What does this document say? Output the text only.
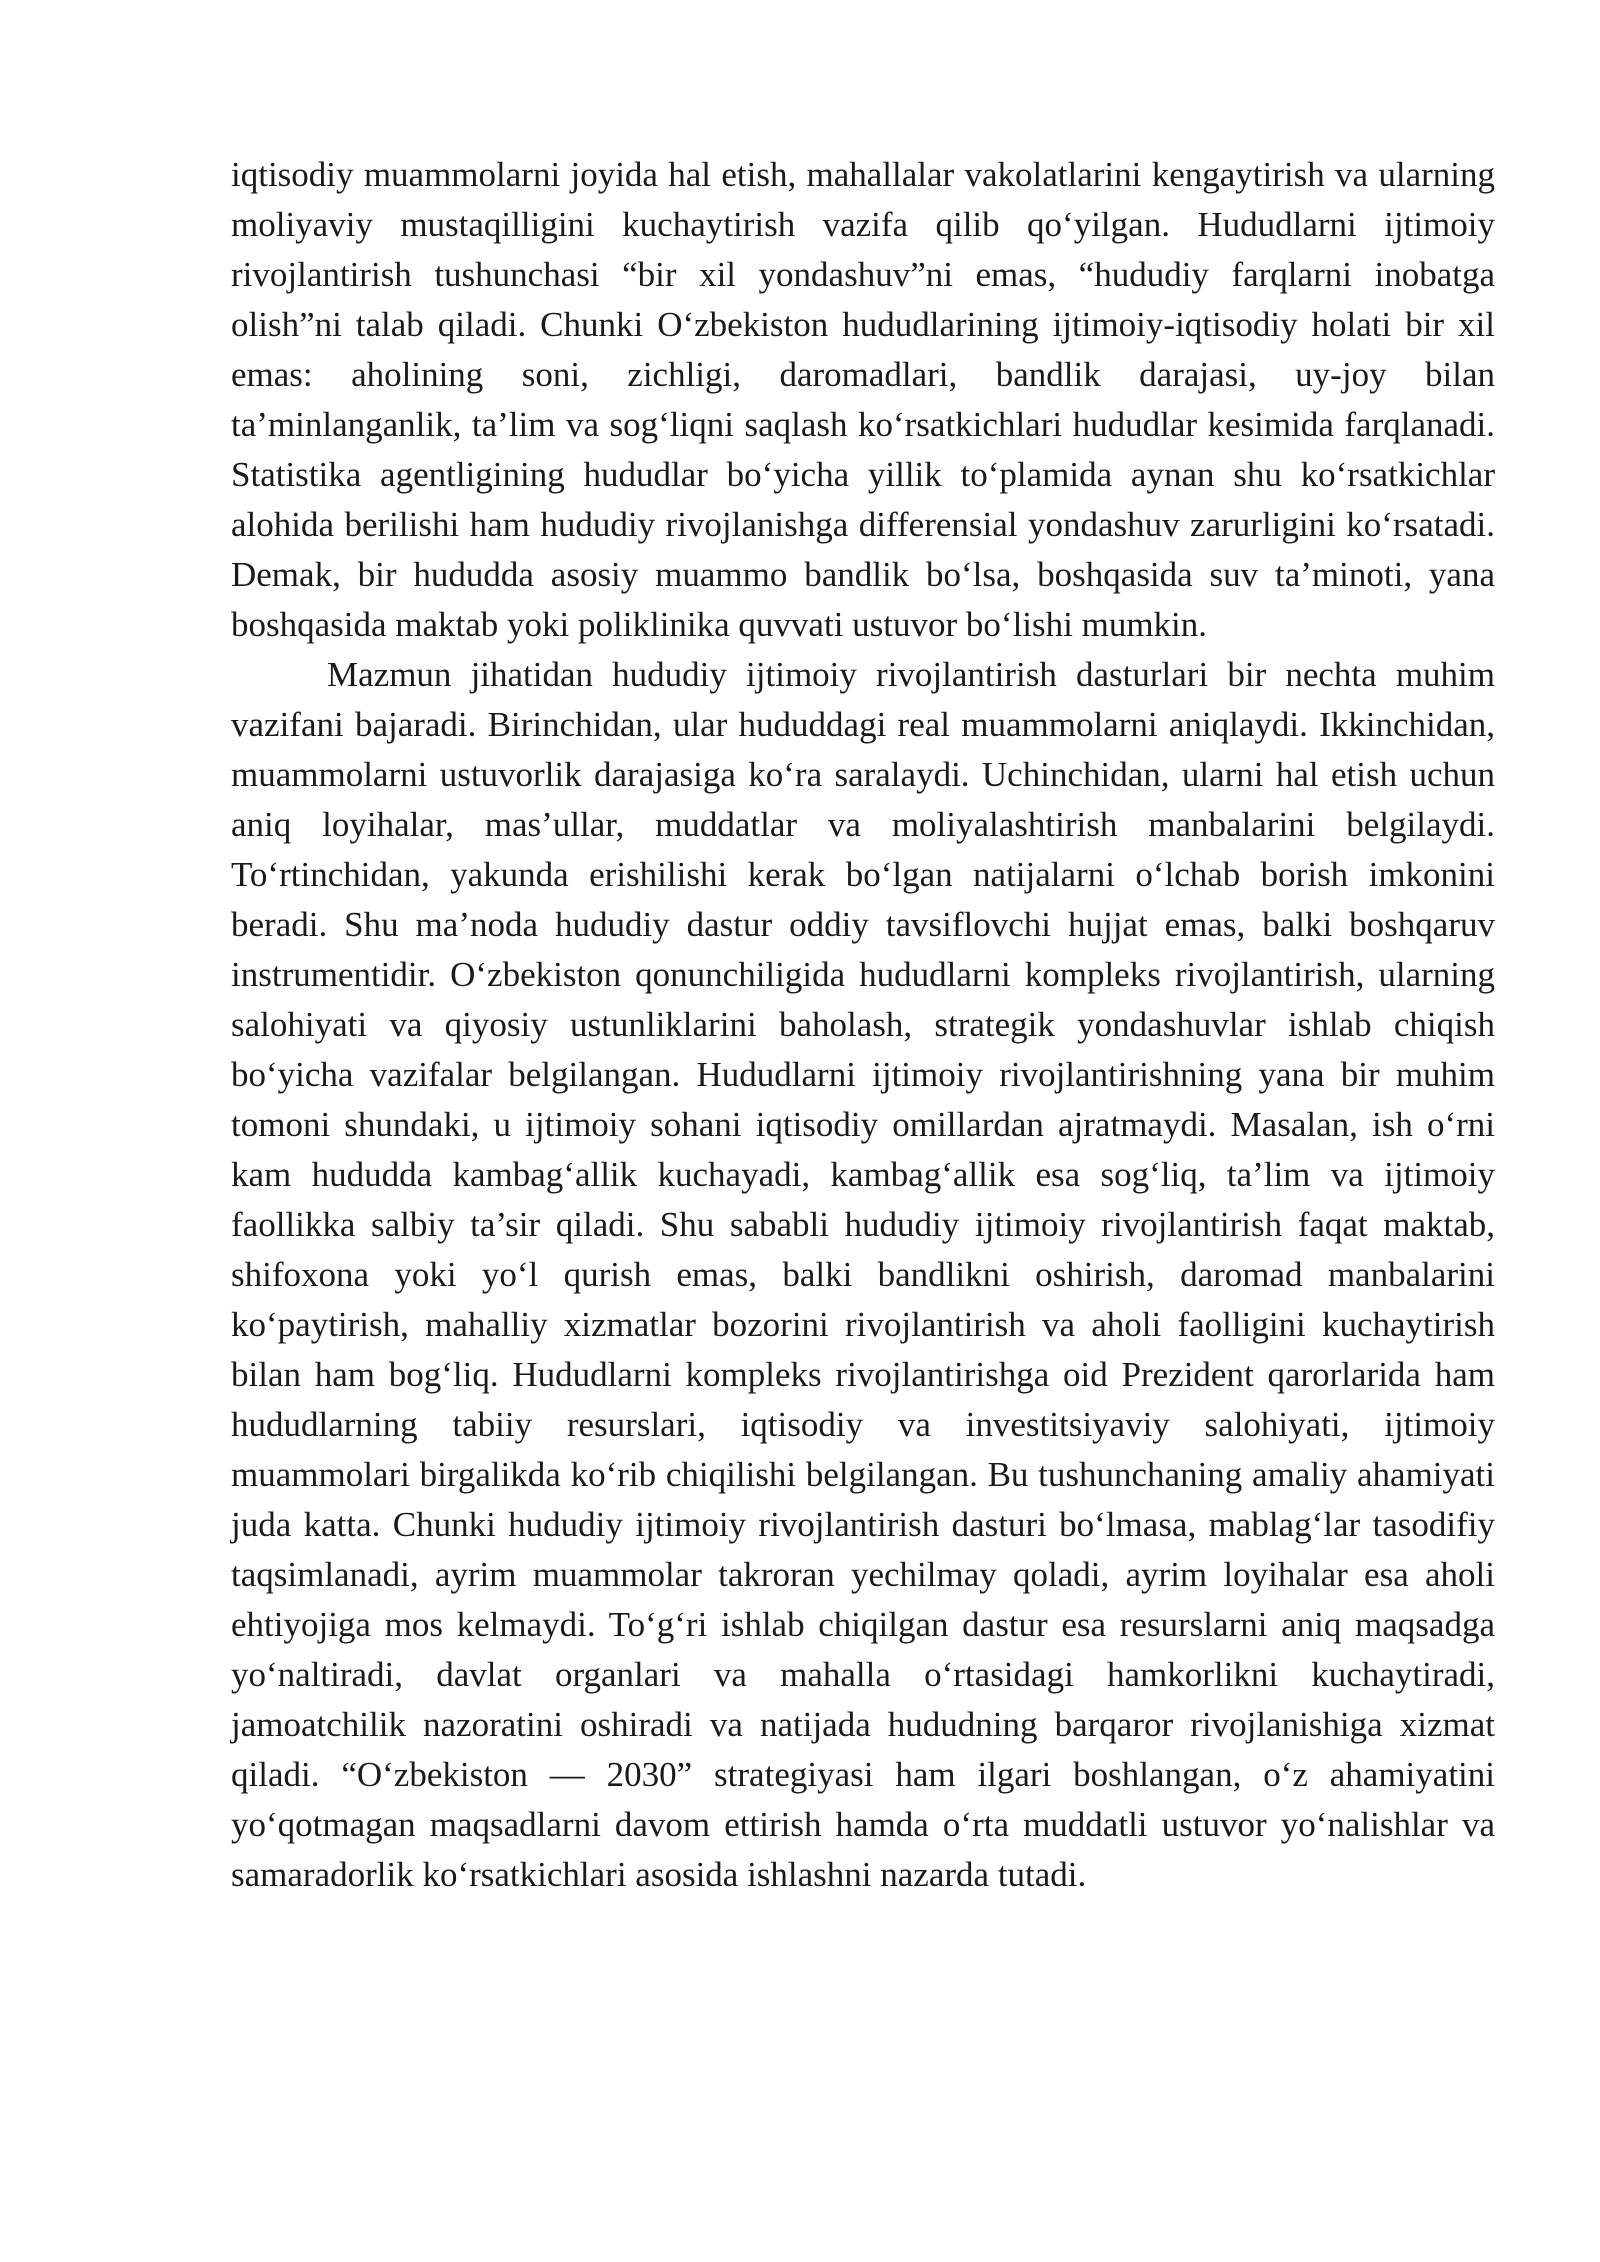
iqtisodiy muammolarni joyida hal etish, mahallalar vakolatlarini kengaytirish va ularning moliyaviy mustaqilligini kuchaytirish vazifa qilib qo‘yilgan. Hududlarni ijtimoiy rivojlantirish tushunchasi “bir xil yondashuv”ni emas, “hududiy farqlarni inobatga olish”ni talab qiladi. Chunki O‘zbekiston hududlarining ijtimoiy-iqtisodiy holati bir xil emas: aholining soni, zichligi, daromadlari, bandlik darajasi, uy-joy bilan ta’minlanganlik, ta’lim va sog‘liqni saqlash ko‘rsatkichlari hududlar kesimida farqlanadi. Statistika agentligining hududlar bo‘yicha yillik to‘plamida aynan shu ko‘rsatkichlar alohida berilishi ham hududiy rivojlanishga differensial yondashuv zarurligini ko‘rsatadi. Demak, bir hududda asosiy muammo bandlik bo‘lsa, boshqasida suv ta’minoti, yana boshqasida maktab yoki poliklinika quvvati ustuvor bo‘lishi mumkin.

Mazmun jihatidan hududiy ijtimoiy rivojlantirish dasturlari bir nechta muhim vazifani bajaradi. Birinchidan, ular hududdagi real muammolarni aniqlaydi. Ikkinchidan, muammolarni ustuvorlik darajasiga ko‘ra saralaydi. Uchinchidan, ularni hal etish uchun aniq loyihalar, mas’ullar, muddatlar va moliyalashtirish manbalarini belgilaydi. To‘rtinchidan, yakunda erishilishi kerak bo‘lgan natijalarni o‘lchab borish imkonini beradi. Shu ma’noda hududiy dastur oddiy tavsiflovchi hujjat emas, balki boshqaruv instrumentidir. O‘zbekiston qonunchiligida hududlarni kompleks rivojlantirish, ularning salohiyati va qiyosiy ustunliklarini baholash, strategik yondashuvlar ishlab chiqish bo‘yicha vazifalar belgilangan. Hududlarni ijtimoiy rivojlantirishning yana bir muhim tomoni shundaki, u ijtimoiy sohani iqtisodiy omillardan ajratmaydi. Masalan, ish o‘rni kam hududda kambag‘allik kuchayadi, kambag‘allik esa sog‘liq, ta’lim va ijtimoiy faollikka salbiy ta’sir qiladi. Shu sababli hududiy ijtimoiy rivojlantirish faqat maktab, shifoxona yoki yo‘l qurish emas, balki bandlikni oshirish, daromad manbalarini ko‘paytirish, mahalliy xizmatlar bozorini rivojlantirish va aholi faolligini kuchaytirish bilan ham bog‘liq. Hududlarni kompleks rivojlantirishga oid Prezident qarorlarida ham hududlarning tabiiy resurslari, iqtisodiy va investitsiyaviy salohiyati, ijtimoiy muammolari birgalikda ko‘rib chiqilishi belgilangan. Bu tushunchaning amaliy ahamiyati juda katta. Chunki hududiy ijtimoiy rivojlantirish dasturi bo‘lmasa, mablag‘lar tasodifiy taqsimlanadi, ayrim muammolar takroran yechilmay qoladi, ayrim loyihalar esa aholi ehtiyojiga mos kelmaydi. To‘g‘ri ishlab chiqilgan dastur esa resurslarni aniq maqsadga yo‘naltiradi, davlat organlari va mahalla o‘rtasidagi hamkorlikni kuchaytiradi, jamoatchilik nazoratini oshiradi va natijada hududning barqaror rivojlanishiga xizmat qiladi. “O‘zbekiston — 2030” strategiyasi ham ilgari boshlangan, o‘z ahamiyatini yo‘qotmagan maqsadlarni davom ettirish hamda o‘rta muddatli ustuvor yo‘nalishlar va samaradorlik ko‘rsatkichlari asosida ishlashni nazarda tutadi.
